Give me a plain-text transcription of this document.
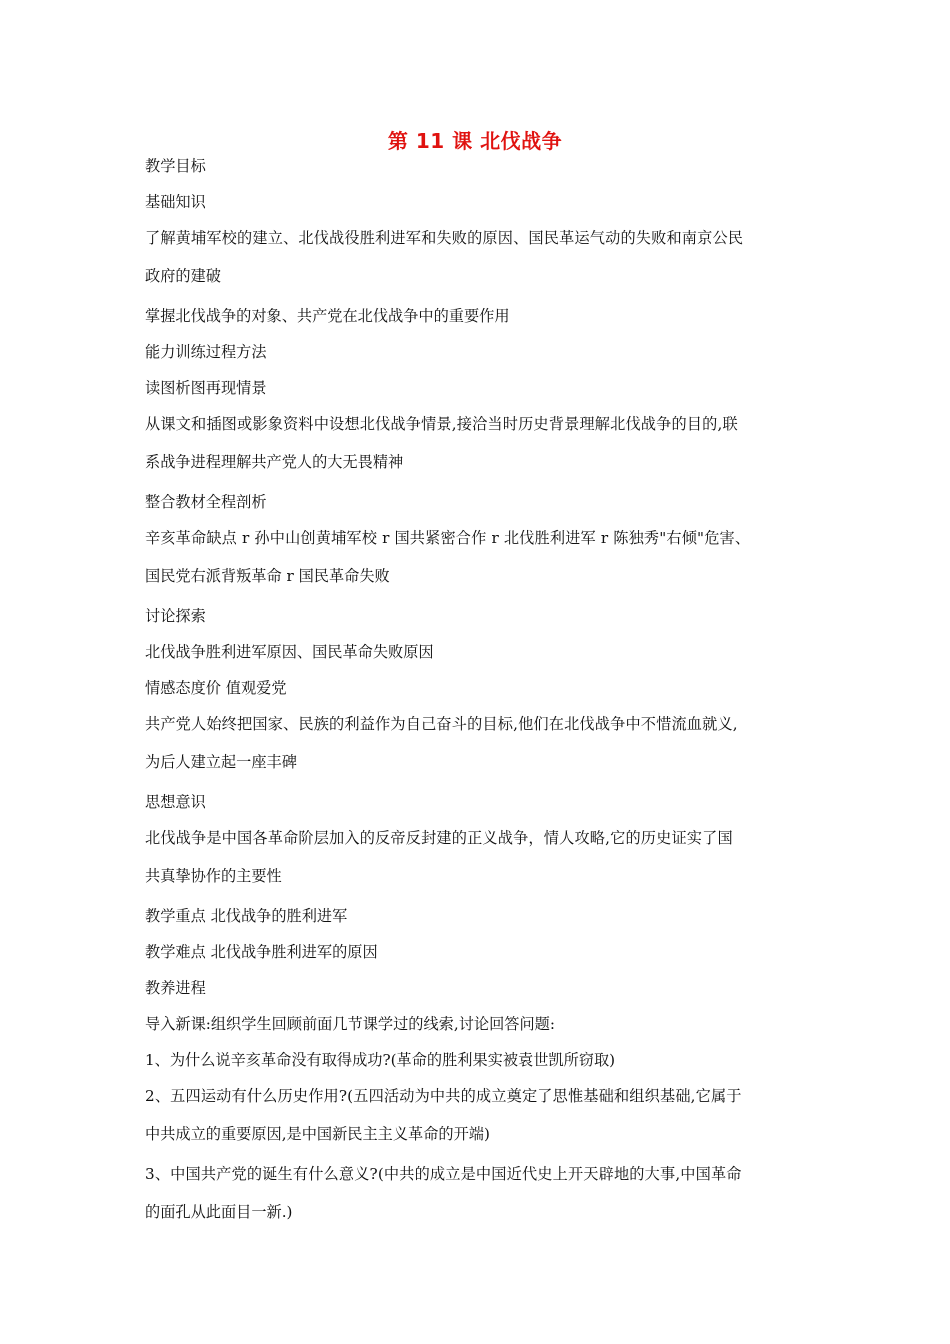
第 11 课 北伐战争
教学目标
基础知识
了解黄埔军校的建立、北伐战役胜利进军和失败的原因、国民革运气动的失败和南京公民
政府的建破
掌握北伐战争的对象、共产党在北伐战争中的重要作用
能力训练过程方法
读图析图再现情景
从课文和插图或影象资料中设想北伐战争情景,接洽当时历史背景理解北伐战争的目的,联
系战争进程理解共产党人的大无畏精神
整合教材全程剖析
辛亥革命缺点 r 孙中山创黄埔军校 r 国共紧密合作 r 北伐胜利进军 r 陈独秀"右倾"危害、
国民党右派背叛革命 r 国民革命失败
讨论探索
北伐战争胜利进军原因、国民革命失败原因
情感态度价 值观爱党
共产党人始终把国家、民族的利益作为自己奋斗的目标,他们在北伐战争中不惜流血就义,
为后人建立起一座丰碑
思想意识
北伐战争是中国各革命阶层加入的反帝反封建的正义战争，情人攻略,它的历史证实了国
共真挚协作的主要性
教学重点 北伐战争的胜利进军
教学难点 北伐战争胜利进军的原因
教养进程
导入新课:组织学生回顾前面几节课学过的线索,讨论回答问题:
1、为什么说辛亥革命没有取得成功?(革命的胜利果实被袁世凯所窃取)
2、五四运动有什么历史作用?(五四活动为中共的成立奠定了思惟基础和组织基础,它属于
中共成立的重要原因,是中国新民主主义革命的开端)
3、中国共产党的诞生有什么意义?(中共的成立是中国近代史上开天辟地的大事,中国革命
的面孔从此面目一新.)
